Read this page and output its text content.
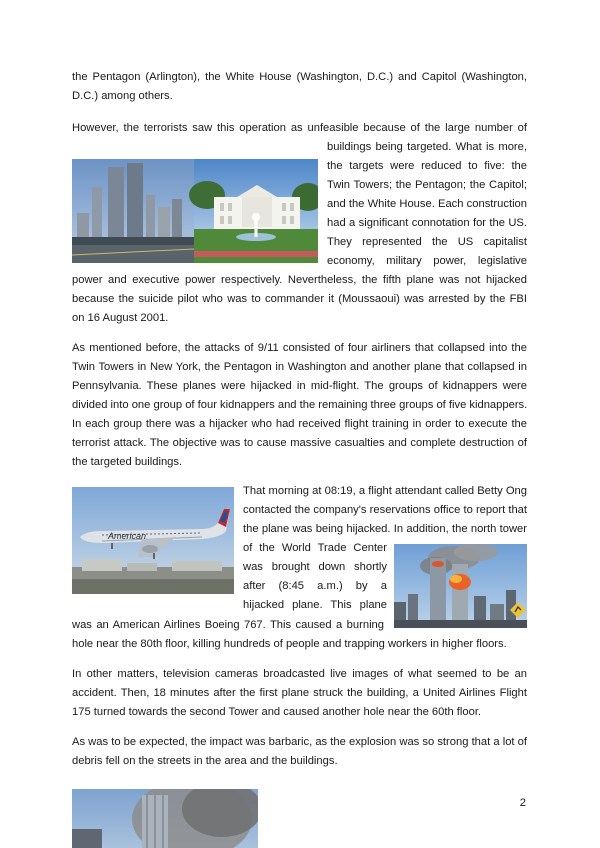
the Pentagon (Arlington), the White House (Washington, D.C.) and Capitol (Washington,
D.C.) among others.
However, the terrorists saw this operation as unfeasible because of the large number of
buildings being targeted. What is more,
the targets were reduced to five: the
Twin Towers; the Pentagon; the Capitol;
and the White House. Each construction
had a significant connotation for the US.
They represented the US capitalist
economy, military power, legislative
power and executive power respectively. Nevertheless, the fifth plane was not hijacked
because the suicide pilot who was to commander it (Moussaoui) was arrested by the FBI
on 16 August 2001.
As mentioned before, the attacks of 9/11 consisted of four airliners that collapsed into the
Twin Towers in New York, the Pentagon in Washington and another plane that collapsed in
Pennsylvania. These planes were hijacked in mid-flight. The groups of kidnappers were
divided into one group of four kidnappers and the remaining three groups of five kidnappers.
In each group there was a hijacker who had received flight training in order to execute the
terrorist attack. The objective was to cause massive casualties and complete destruction of
the targeted buildings.
American
That morning at 08:19, a flight attendant called Betty Ong
contacted the company's reservations office to report that
the plane was being hijacked. In addition, the north tower
of the World Trade Center
was brought down shortly
after (8:45 a.m.) by a
hijacked plane. This plane
was an American Airlines Boeing 767. This caused a burning
hole near the 80th floor, killing hundreds of people and trapping workers in higher floors.
In other matters, television cameras broadcasted live images of what seemed to be an
accident. Then, 18 minutes after the first plane struck the building, a United Airlines Flight
175 turned towards the second Tower and caused another hole near the 60th floor.
As was to be expected, the impact was barbaric, as the explosion was so strong that a lot of
debris fell on the streets in the area and the buildings.
2
